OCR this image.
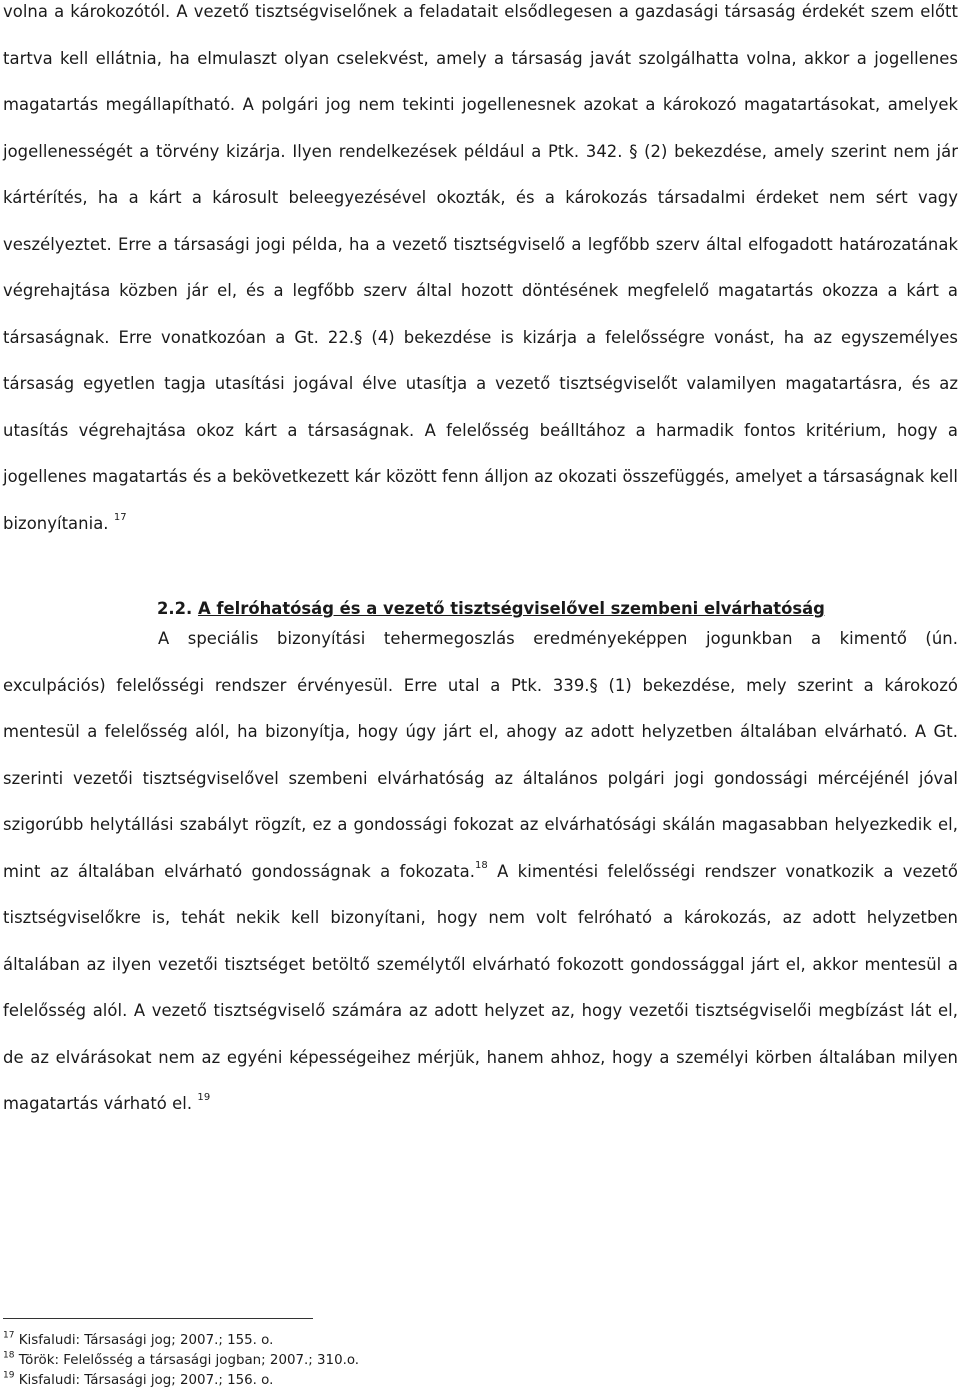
volna a károkozótól. A vezető tisztségviselőnek a feladatait elsődlegesen a gazdasági társaság érdekét szem előtt tartva kell ellátnia, ha elmulaszt olyan cselekvést, amely a társaság javát szolgálhatta volna, akkor a jogellenes magatartás megállapítható. A polgári jog nem tekinti jogellenesnek azokat a károkozó magatartásokat, amelyek jogellenességét a törvény kizárja. Ilyen rendelkezések például a Ptk. 342. § (2) bekezdése, amely szerint nem jár kártérítés, ha a kárt a károsult beleegyezésével okozták, és a károkozás társadalmi érdeket nem sért vagy veszélyeztet. Erre a társasági jogi példa, ha a vezető tisztségviselő a legfőbb szerv által elfogadott határozatának végrehajtása közben jár el, és a legfőbb szerv által hozott döntésének megfelelő magatartás okozza a kárt a társaságnak. Erre vonatkozóan a Gt. 22.§ (4) bekezdése is kizárja a felelősségre vonást, ha az egyszemélyes társaság egyetlen tagja utasítási jogával élve utasítja a vezető tisztségviselőt valamilyen magatartásra, és az utasítás végrehajtása okoz kárt a társaságnak. A felelősség beálltához a harmadik fontos kritérium, hogy a jogellenes magatartás és a bekövetkezett kár között fenn álljon az okozati összefüggés, amelyet a társaságnak kell bizonyítania. $^{17}$

2.2. A felróhatóság és a vezető tisztségviselővel szembeni elvárhatóság

A speciális bizonyítási tehermegoszlás eredményeképpen jogunkban a kimentő (ún. exculpációs) felelősségi rendszer érvényesül. Erre utal a Ptk. 339.§ (1) bekezdése, mely szerint a károkozó mentesül a felelősség alól, ha bizonyítja, hogy úgy járt el, ahogy az adott helyzetben általában elvárható. A Gt. szerinti vezetői tisztségviselővel szembeni elvárhatóság az általános polgári jogi gondossági mércéjénél jóval szigorúbb helytállási szabályt rögzít, ez a gondossági fokozat az elvárhatósági skálán magasabban helyezkedik el, mint az általában elvárható gondosságnak a fokozata.$^{18}$ A kimentési felelősségi rendszer vonatkozik a vezető tisztségviselőkre is, tehát nekik kell bizonyítani, hogy nem volt felróható a károkozás, az adott helyzetben általában az ilyen vezetői tisztséget betöltő személytől elvárható fokozott gondossággal járt el, akkor mentesül a felelősség alól. A vezető tisztségviselő számára az adott helyzet az, hogy vezetői tisztségviselői megbízást lát el, de az elvárásokat nem az egyéni képességeihez mérjük, hanem ahhoz, hogy a személyi körben általában milyen magatartás várható el. $^{19}$

$^{17}$ Kisfaludi: Társasági jog; 2007.; 155. o.
$^{18}$ Török: Felelősség a társasági jogban; 2007.; 310.o.
$^{19}$ Kisfaludi: Társasági jog; 2007.; 156. o.
